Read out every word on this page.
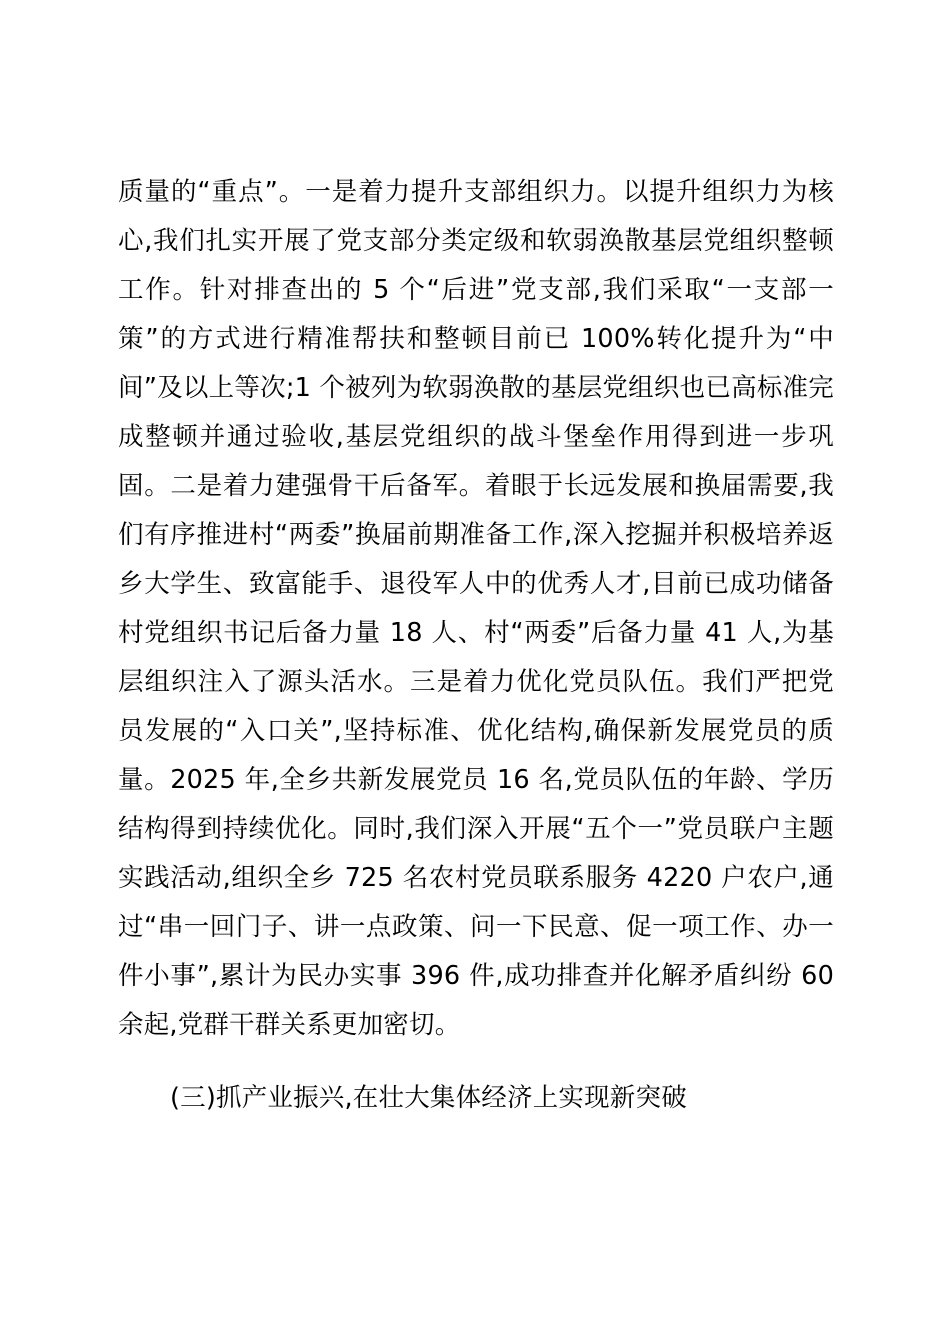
质量的“重点”。一是着力提升支部组织力。以提升组织力为核心,我们扎实开展了党支部分类定级和软弱涣散基层党组织整顿工作。针对排查出的 5 个“后进”党支部,我们采取“一支部一策”的方式进行精准帮扶和整顿目前已 100%转化提升为“中间”及以上等次;1 个被列为软弱涣散的基层党组织也已高标准完成整顿并通过验收,基层党组织的战斗堡垒作用得到进一步巩固。二是着力建强骨干后备军。着眼于长远发展和换届需要,我们有序推进村“两委”换届前期准备工作,深入挖掘并积极培养返乡大学生、致富能手、退役军人中的优秀人才,目前已成功储备村党组织书记后备力量 18 人、村“两委”后备力量 41 人,为基层组织注入了源头活水。三是着力优化党员队伍。我们严把党员发展的“入口关”,坚持标准、优化结构,确保新发展党员的质量。2025 年,全乡共新发展党员 16 名,党员队伍的年龄、学历结构得到持续优化。同时,我们深入开展“五个一”党员联户主题实践活动,组织全乡 725 名农村党员联系服务 4220 户农户,通过“串一回门子、讲一点政策、问一下民意、促一项工作、办一件小事”,累计为民办实事 396 件,成功排查并化解矛盾纠纷 60 余起,党群干群关系更加密切。

(三)抓产业振兴,在壮大集体经济上实现新突破
